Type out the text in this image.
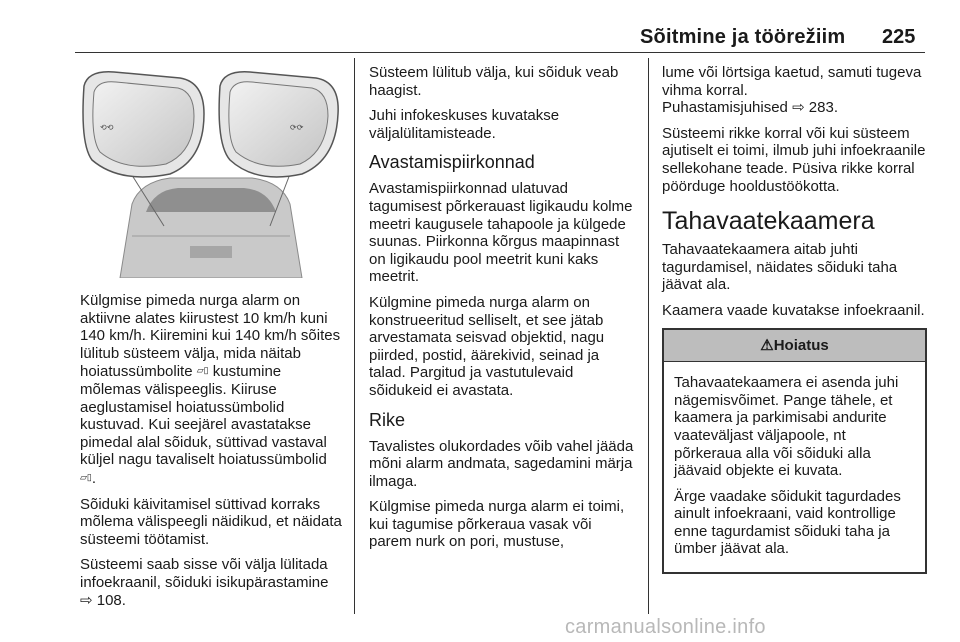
Sõitmine ja töörežiim 225
⟲⟲	⟳⟳

Külgmise pimeda nurga alarm on aktiivne alates kiirustest 10 km/h kuni 140 km/h. Kiiremini kui 140 km/h sõites lülitub süsteem välja, mida näitab hoiatussümbolite ▱▯ kustumine mõlemas välispeeglis. Kiiruse aeglustamisel hoiatussümbolid kustuvad. Kui seejärel avastatakse pimedal alal sõiduk, süttivad vastaval küljel nagu tavaliselt hoiatussümbolid ▱▯.

Sõiduki käivitamisel süttivad korraks mõlema välispeegli näidikud, et näidata süsteemi töötamist.

Süsteemi saab sisse või välja lülitada infoekraanil, sõiduki isikupärastamine ⇨ 108.

Süsteem lülitub välja, kui sõiduk veab haagist.

Juhi infokeskuses kuvatakse väljalülitamisteade.

Avastamispiirkonnad

Avastamispiirkonnad ulatuvad tagumisest põrkerauast ligikaudu kolme meetri kaugusele tahapoole ja külgede suunas. Piirkonna kõrgus maapinnast on ligikaudu pool meetrit kuni kaks meetrit.

Külgmine pimeda nurga alarm on konstrueeritud selliselt, et see jätab arvestamata seisvad objektid, nagu piirded, postid, äärekivid, seinad ja talad. Pargitud ja vastutulevaid sõidukeid ei avastata.

Rike

Tavalistes olukordades võib vahel jääda mõni alarm andmata, sagedamini märja ilmaga.

Külgmise pimeda nurga alarm ei toimi, kui tagumise põrkeraua vasak või parem nurk on pori, mustuse,

lume või lörtsiga kaetud, samuti tugeva vihma korral.

Puhastamisjuhised ⇨ 283.

Süsteemi rikke korral või kui süsteem ajutiselt ei toimi, ilmub juhi infoekraanile sellekohane teade. Püsiva rikke korral pöörduge hooldustöökotta.

Tahavaatekaamera

Tahavaatekaamera aitab juhti tagurdamisel, näidates sõiduki taha jäävat ala.

Kaamera vaade kuvatakse infoekraanil.

⚠Hoiatus

Tahavaatekaamera ei asenda juhi nägemisvõimet. Pange tähele, et kaamera ja parkimisabi andurite vaateväljast väljapoole, nt põrkeraua alla või sõiduki alla jäävaid objekte ei kuvata.

Ärge vaadake sõidukit tagurdades ainult infoekraani, vaid kontrollige enne tagurdamist sõiduki taha ja ümber jäävat ala.

carmanualsonline.info
